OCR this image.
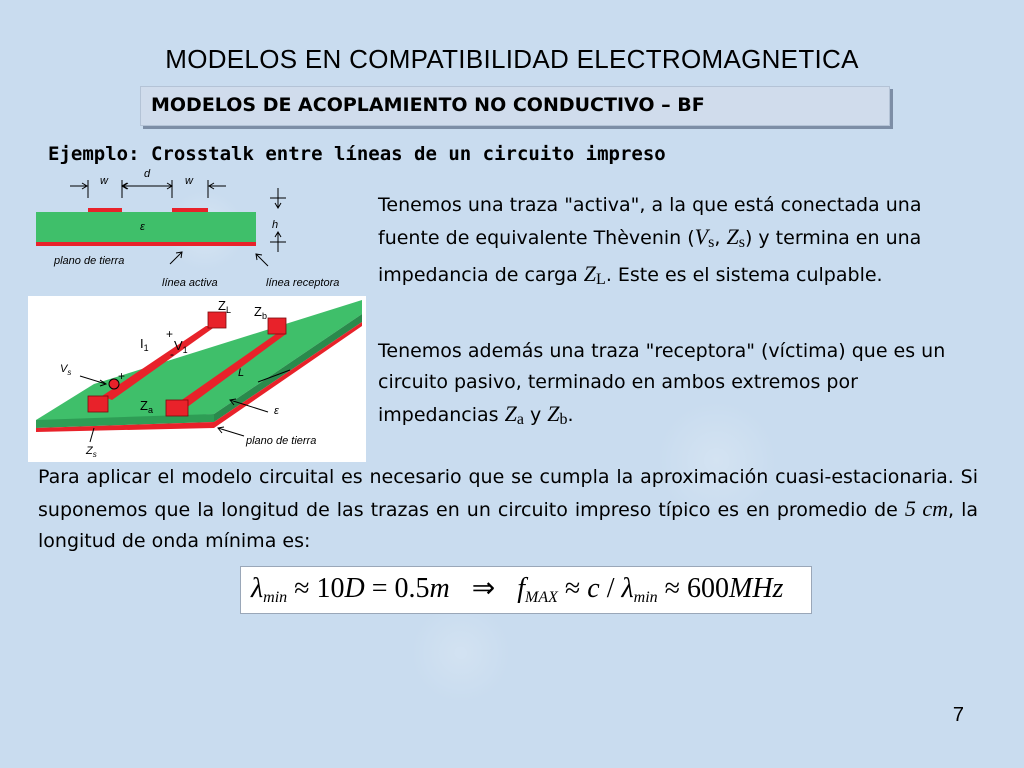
MODELOS EN COMPATIBILIDAD ELECTROMAGNETICA
MODELOS DE ACOPLAMIENTO NO CONDUCTIVO – BF
Ejemplo: Crosstalk entre líneas de un circuito impreso
w
d
w
ε	h
plano de tierra
línea activa	línea receptora
$Z_L$ $Z_b$
$I_1$
+
$V_1$
-
$V_s$	+	L
$Z_a$	ε
$Z_s$
plano de tierra
Tenemos una traza "activa", a la que está conectada una fuente de equivalente Thèvenin (Vs, Zs) y termina en una impedancia de carga ZL. Este es el sistema culpable.
Tenemos además una traza "receptora" (víctima) que es un circuito pasivo, terminado en ambos extremos por impedancias Za y Zb.
Para aplicar el modelo circuital es necesario que se cumpla la aproximación cuasi-estacionaria. Si suponemos que la longitud de las trazas en un circuito impreso típico es en promedio de 5 cm, la longitud de onda mínima es:
λmin ≈ 10D = 0.5m ⇒ fMAX ≈ c / λmin ≈ 600MHz
7
